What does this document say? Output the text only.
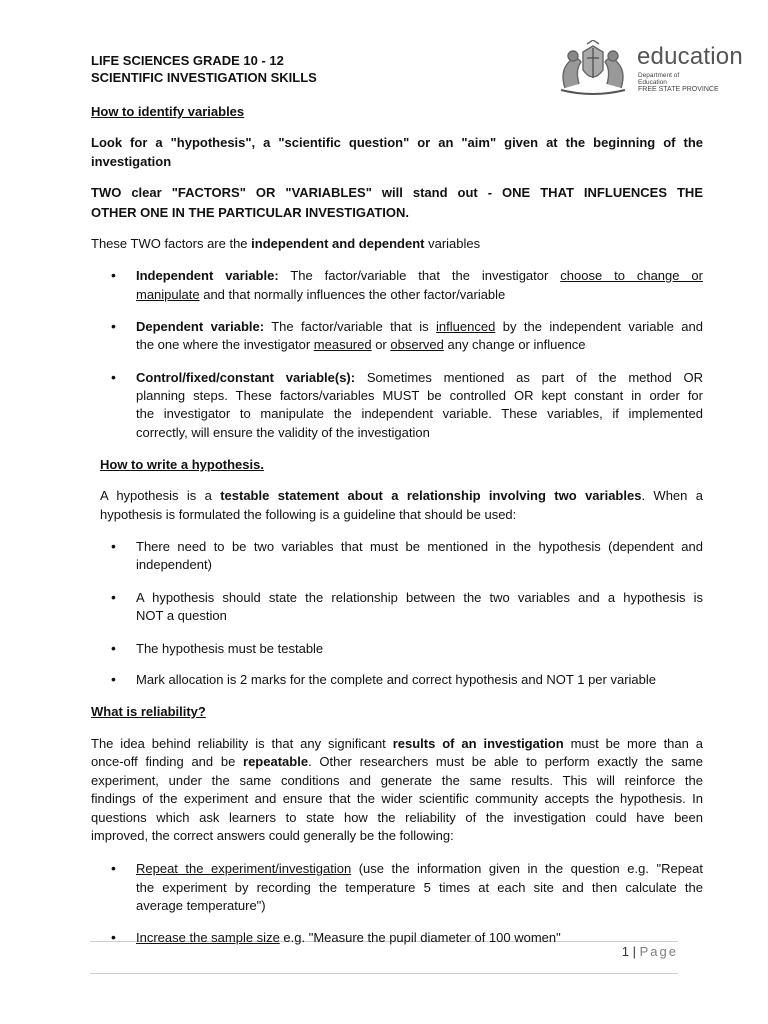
LIFE SCIENCES GRADE 10 - 12
SCIENTIFIC INVESTIGATION SKILLS
education
Department of
Education
FREE STATE PROVINCE
How to identify variables
Look for a "hypothesis", a "scientific question" or an "aim" given at the beginning of the
investigation
TWO clear "FACTORS" OR "VARIABLES" will stand out - ONE THAT INFLUENCES THE
OTHER ONE IN THE PARTICULAR INVESTIGATION.
These TWO factors are the independent and dependent variables
• Independent variable: The factor/variable that the investigator choose to change or
manipulate and that normally influences the other factor/variable
• Dependent variable: The factor/variable that is influenced by the independent variable and
the one where the investigator measured or observed any change or influence
• Control/fixed/constant variable(s): Sometimes mentioned as part of the method OR
planning steps. These factors/variables MUST be controlled OR kept constant in order for
the investigator to manipulate the independent variable. These variables, if implemented
correctly, will ensure the validity of the investigation
How to write a hypothesis.
A hypothesis is a testable statement about a relationship involving two variables. When a
hypothesis is formulated the following is a guideline that should be used:
• There need to be two variables that must be mentioned in the hypothesis (dependent and
independent)
• A hypothesis should state the relationship between the two variables and a hypothesis is
NOT a question
• The hypothesis must be testable
• Mark allocation is 2 marks for the complete and correct hypothesis and NOT 1 per variable
What is reliability?
The idea behind reliability is that any significant results of an investigation must be more than a
once-off finding and be repeatable. Other researchers must be able to perform exactly the same
experiment, under the same conditions and generate the same results. This will reinforce the
findings of the experiment and ensure that the wider scientific community accepts the hypothesis. In
questions which ask learners to state how the reliability of the investigation could have been
improved, the correct answers could generally be the following:
• Repeat the experiment/investigation (use the information given in the question e.g. "Repeat
the experiment by recording the temperature 5 times at each site and then calculate the
average temperature")
• Increase the sample size e.g. "Measure the pupil diameter of 100 women"
1 | Page
